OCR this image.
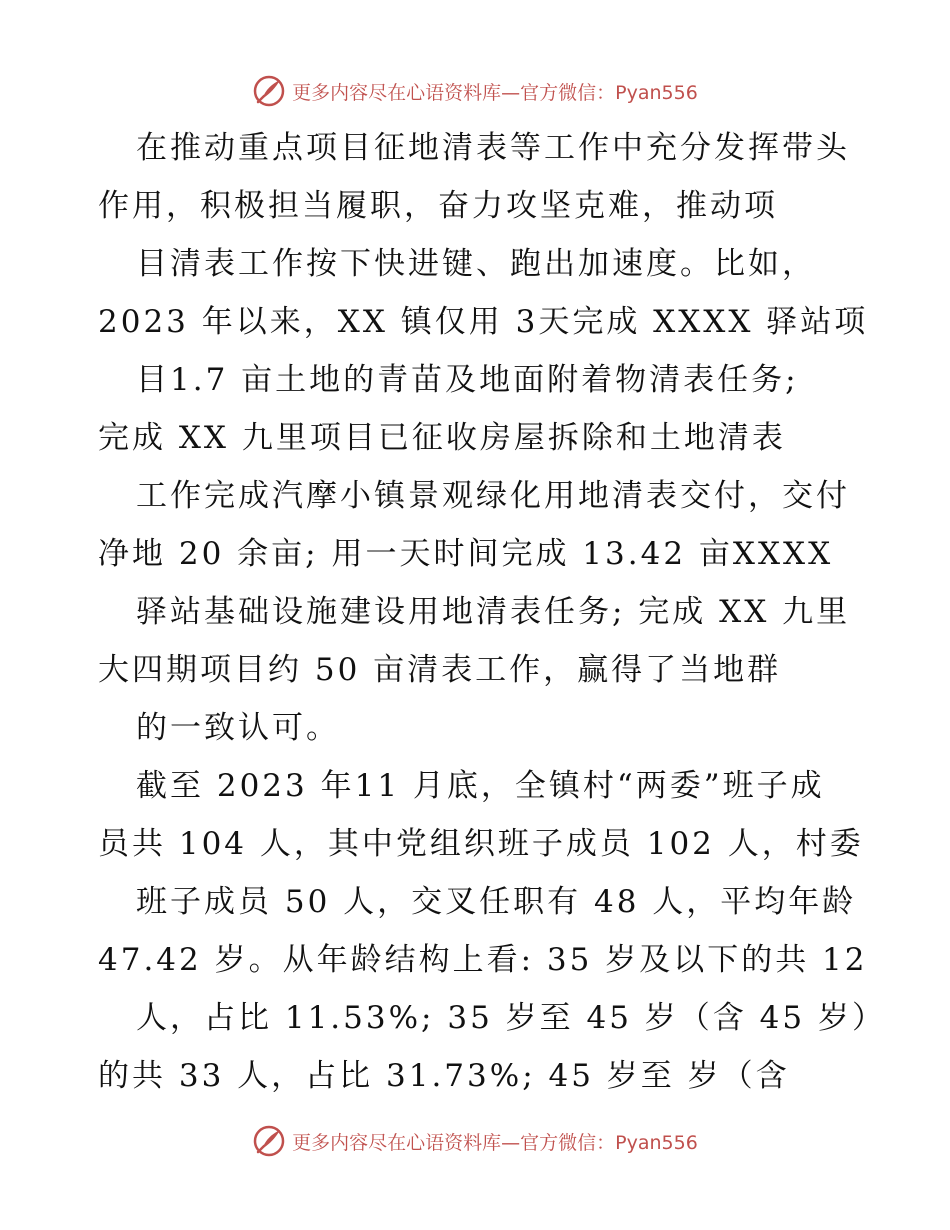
更多内容尽在心语资料库—官方微信：Pyan556

在推动重点项目征地清表等工作中充分发挥带头

作用，积极担当履职，奋力攻坚克难，推动项

目清表工作按下快进键、跑出加速度。比如，

2023 年以来，XX 镇仅用 3天完成 XXXX 驿站项

目1.7 亩土地的青苗及地面附着物清表任务;

完成 XX 九里项目已征收房屋拆除和土地清表

工作完成汽摩小镇景观绿化用地清表交付，交付

净地 20 余亩; 用一天时间完成 13.42 亩XXXX

驿站基础设施建设用地清表任务; 完成 XX 九里

大四期项目约 50 亩清表工作，赢得了当地群

的一致认可。

截至 2023 年11 月底，全镇村“两委”班子成

员共 104 人，其中党组织班子成员 102 人，村委

班子成员 50 人，交叉任职有 48 人，平均年龄

47.42 岁。从年龄结构上看: 35 岁及以下的共 12

人，占比 11.53%; 35 岁至 45 岁（含 45 岁）

的共 33 人，占比 31.73%; 45 岁至 岁（含

更多内容尽在心语资料库—官方微信：Pyan556
